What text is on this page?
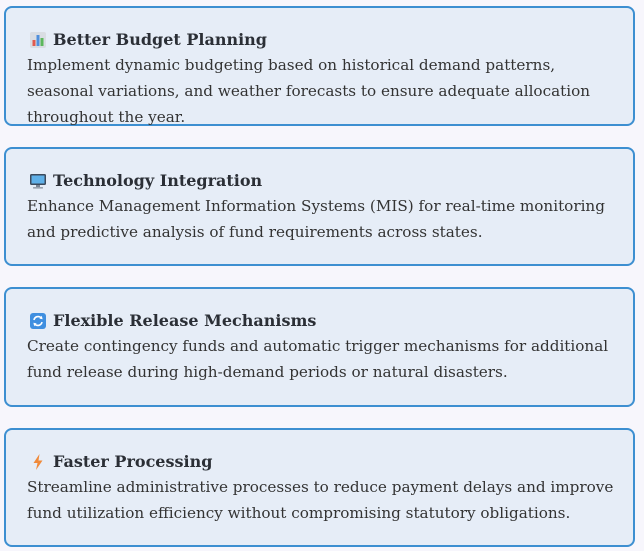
Better Budget Planning
Implement dynamic budgeting based on historical demand patterns, seasonal variations, and weather forecasts to ensure adequate allocation throughout the year.
Technology Integration
Enhance Management Information Systems (MIS) for real-time monitoring and predictive analysis of fund requirements across states.
Flexible Release Mechanisms
Create contingency funds and automatic trigger mechanisms for additional fund release during high-demand periods or natural disasters.
Faster Processing
Streamline administrative processes to reduce payment delays and improve fund utilization efficiency without compromising statutory obligations.
